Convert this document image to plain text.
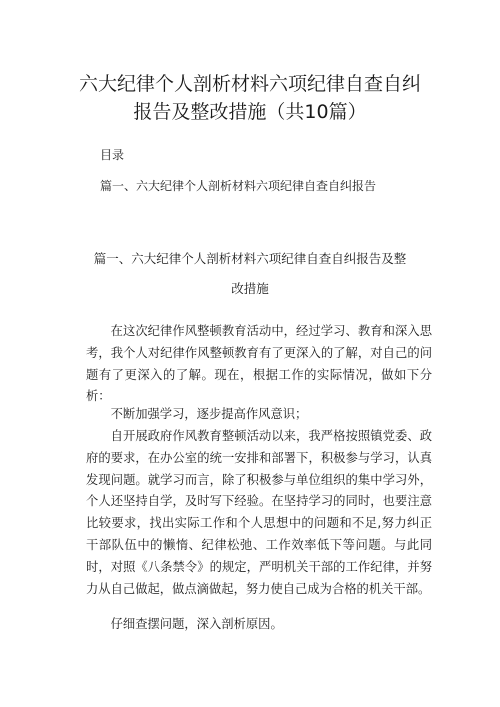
六大纪律个人剖析材料六项纪律自查自纠
报告及整改措施（共10篇）
目录
篇一、六大纪律个人剖析材料六项纪律自查自纠报告
篇一、六大纪律个人剖析材料六项纪律自查自纠报告及整
改措施

在这次纪律作风整顿教育活动中，经过学习、教育和深入思考，我个人对纪律作风整顿教育有了更深入的了解，对自己的问题有了更深入的了解。现在，根据工作的实际情况，做如下分析：

不断加强学习，逐步提高作风意识；

自开展政府作风教育整顿活动以来，我严格按照镇党委、政府的要求，在办公室的统一安排和部署下，积极参与学习，认真发现问题。就学习而言，除了积极参与单位组织的集中学习外，个人还坚持自学，及时写下经验。在坚持学习的同时，也要注意比较要求，找出实际工作和个人思想中的问题和不足,努力纠正干部队伍中的懒惰、纪律松弛、工作效率低下等问题。与此同时，对照《八条禁令》的规定，严明机关干部的工作纪律，并努力从自己做起，做点滴做起，努力使自己成为合格的机关干部。

仔细查摆问题，深入剖析原因。
